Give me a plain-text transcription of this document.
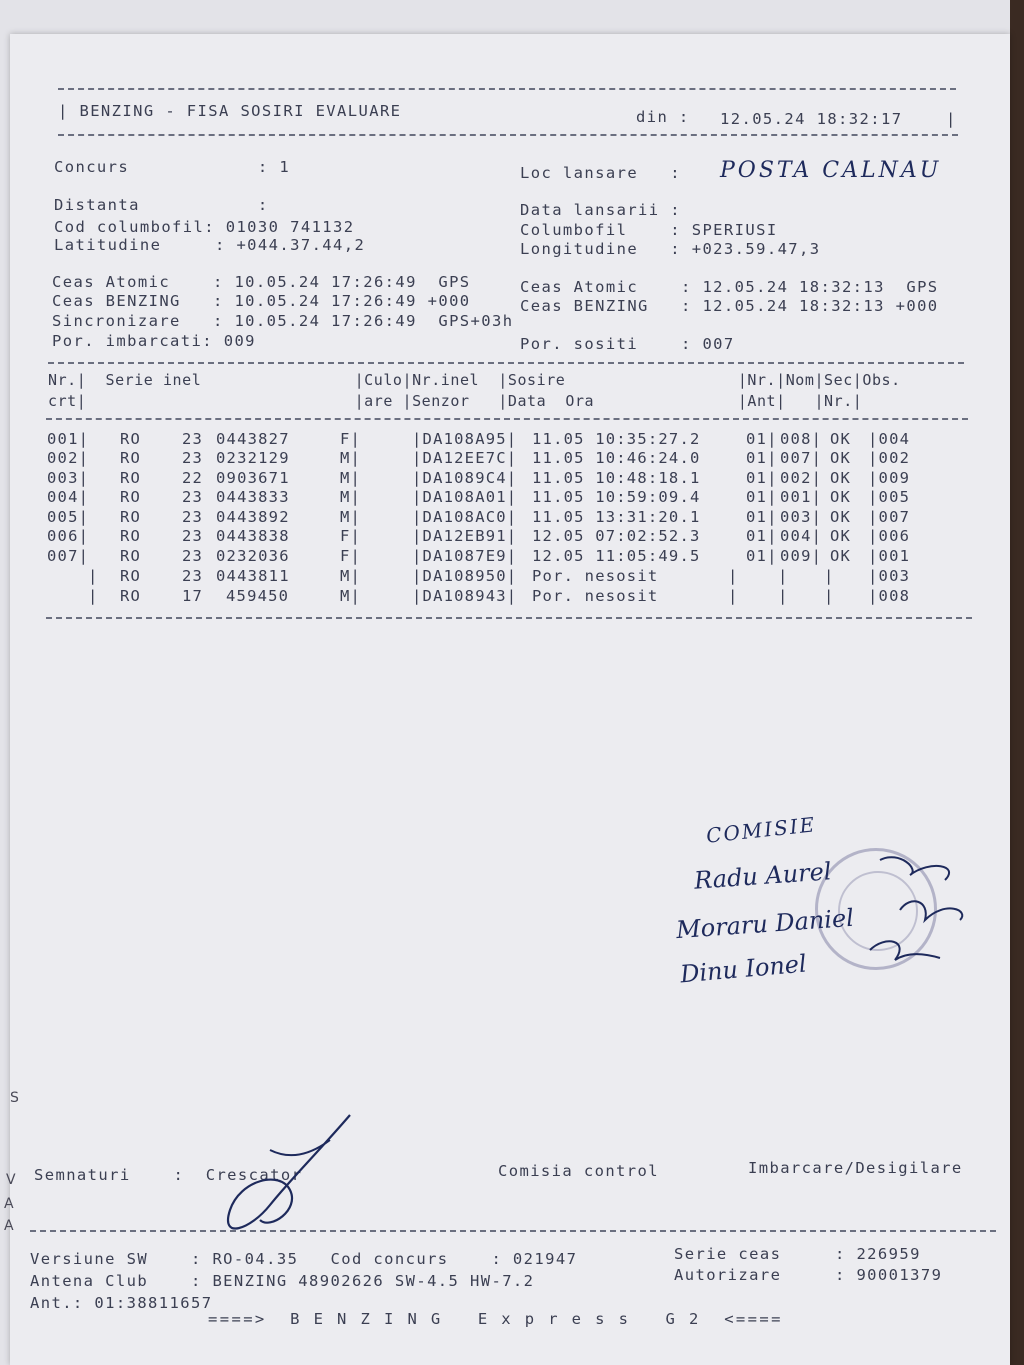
| BENZING - FISA SOSIRI EVALUARE	din : 12.05.24 18:32:17	|
Concurs            : 1	Loc lansare   : POSTA CALNAU
Distanta           :	Data lansarii :
Cod columbofil: 01030 741132	Columbofil    : SPERIUSI
Latitudine     : +044.37.44,2	Longitudine   : +023.59.47,3
Ceas Atomic    : 10.05.24 17:26:49  GPS
Ceas BENZING   : 10.05.24 17:26:49 +000
Sincronizare   : 10.05.24 17:26:49  GPS+03h
Por. imbarcati: 009
Ceas Atomic    : 12.05.24 18:32:13  GPS
Ceas BENZING   : 12.05.24 18:32:13 +000
Por. sositi    : 007
Nr.|  Serie inel                |Culo|Nr.inel  |Sosire                  |Nr.|Nom|Sec|Obs.
crt|                            |are |Senzor   |Data  Ora               |Ant|   |Nr.|
001| RO	23 0443827	F|	|DA108A95| 11.05 10:35:27.2	01| 008| OK |004
002| RO	23 0232129	M|	|DA12EE7C| 11.05 10:46:24.0	01| 007| OK |002
003| RO	22 0903671	M|	|DA1089C4| 11.05 10:48:18.1	01| 002| OK |009
004| RO	23 0443833	M|	|DA108A01| 11.05 10:59:09.4	01| 001| OK |005
005| RO	23 0443892	M|	|DA108AC0| 11.05 13:31:20.1	01| 003| OK |007
006| RO	23 0443838	F|	|DA12EB91| 12.05 07:02:52.3	01| 004| OK |006
007| RO	23 0232036	F|	|DA1087E9| 12.05 11:05:49.5	01| 009| OK |001
| RO	23 0443811	M|	|DA108950| Por. nesosit	|	| | |003
| RO	17 459450	M|	|DA108943| Por. nesosit	|	| | |008
COMISIE
Radu Aurel
Moraru Daniel
Dinu Ionel
S
V
A
A
Semnaturi    :  Crescator	Comisia control	Imbarcare/Desigilare
Versiune SW    : RO-04.35   Cod concurs    : 021947	Serie ceas     : 226959
Antena Club    : BENZING 48902626 SW-4.5 HW-7.2	Autorizare     : 90001379
Ant.: 01:38811657
====>  B E N Z I N G   E x p r e s s   G 2  <====
